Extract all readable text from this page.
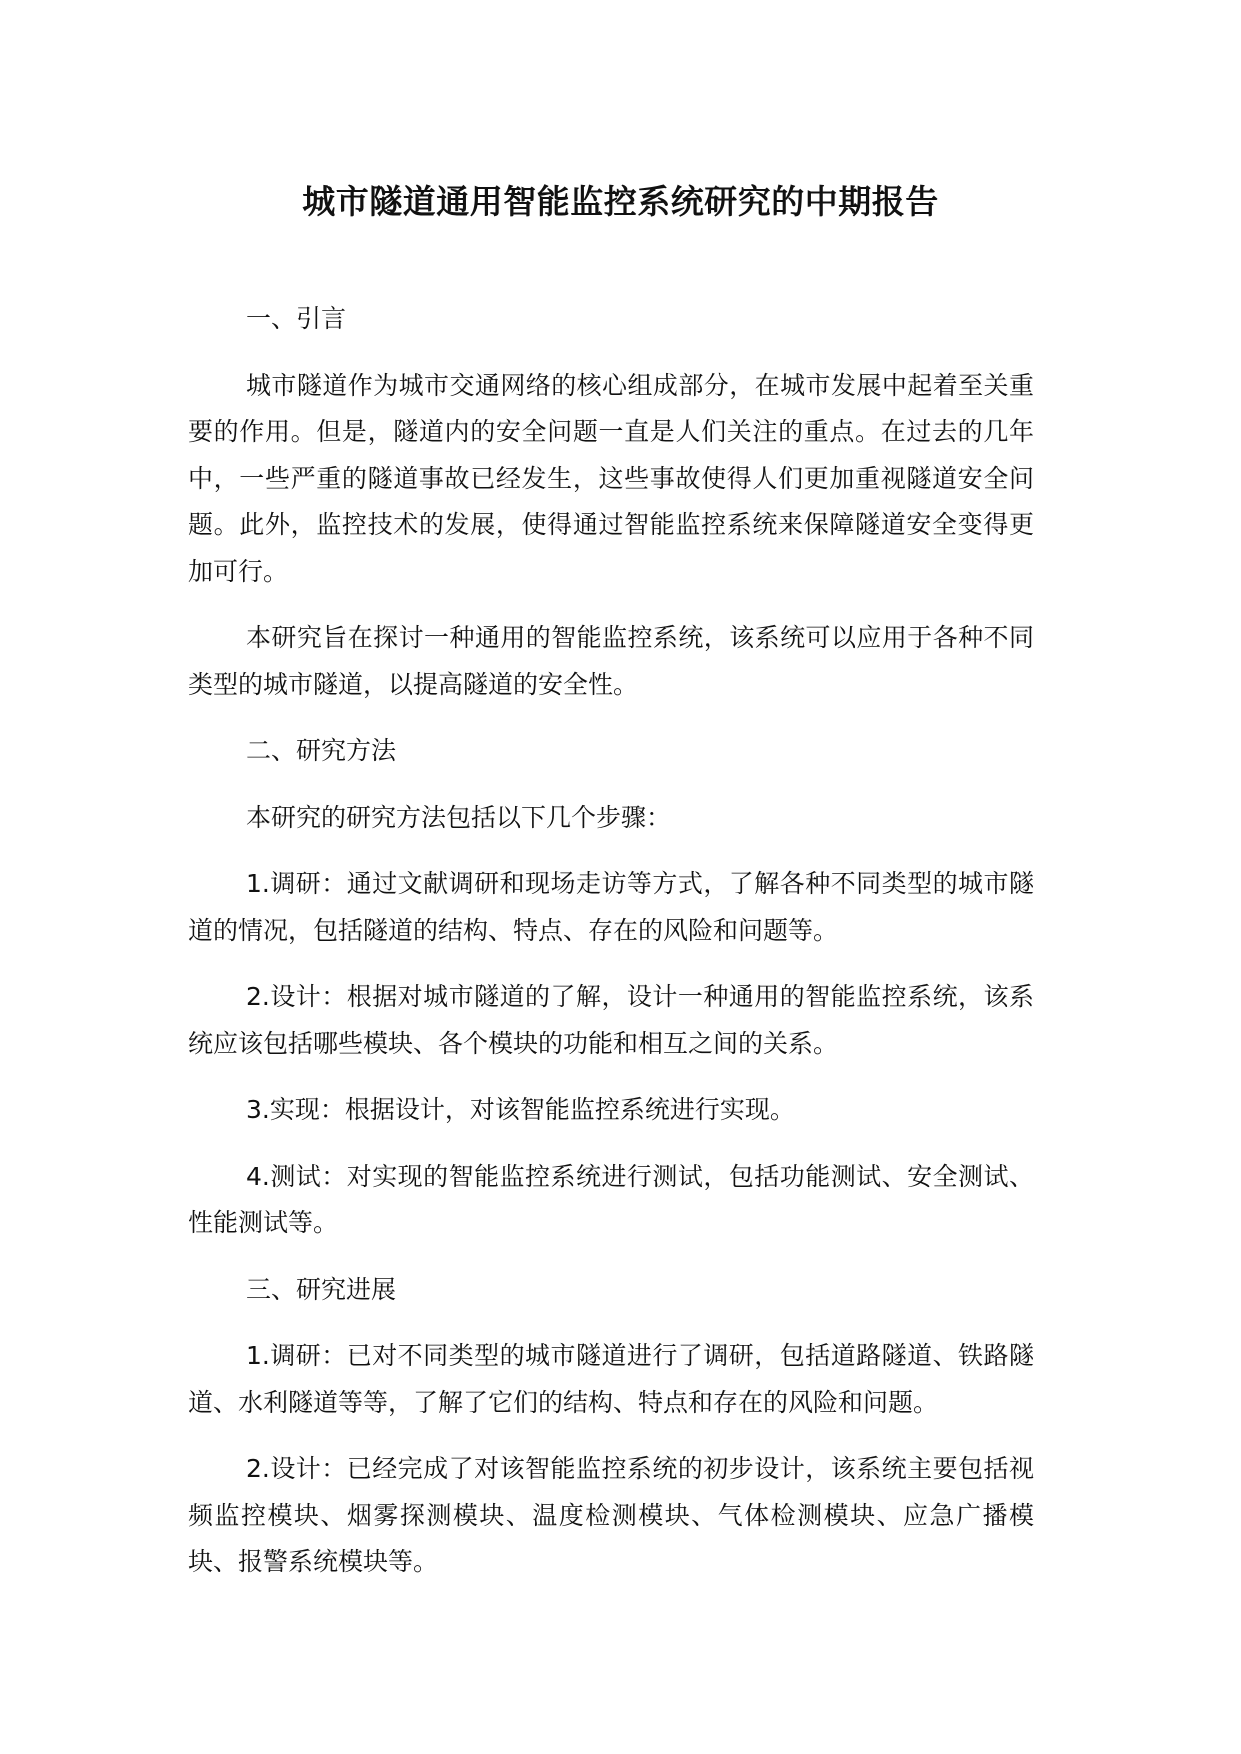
城市隧道通用智能监控系统研究的中期报告

一、引言

城市隧道作为城市交通网络的核心组成部分，在城市发展中起着至关重要的作用。但是，隧道内的安全问题一直是人们关注的重点。在过去的几年中，一些严重的隧道事故已经发生，这些事故使得人们更加重视隧道安全问题。此外，监控技术的发展，使得通过智能监控系统来保障隧道安全变得更加可行。

本研究旨在探讨一种通用的智能监控系统，该系统可以应用于各种不同类型的城市隧道，以提高隧道的安全性。

二、研究方法

本研究的研究方法包括以下几个步骤：

1.调研：通过文献调研和现场走访等方式，了解各种不同类型的城市隧道的情况，包括隧道的结构、特点、存在的风险和问题等。

2.设计：根据对城市隧道的了解，设计一种通用的智能监控系统，该系统应该包括哪些模块、各个模块的功能和相互之间的关系。

3.实现：根据设计，对该智能监控系统进行实现。

4.测试：对实现的智能监控系统进行测试，包括功能测试、安全测试、性能测试等。

三、研究进展

1.调研：已对不同类型的城市隧道进行了调研，包括道路隧道、铁路隧道、水利隧道等等，了解了它们的结构、特点和存在的风险和问题。

2.设计：已经完成了对该智能监控系统的初步设计，该系统主要包括视频监控模块、烟雾探测模块、温度检测模块、气体检测模块、应急广播模块、报警系统模块等。
